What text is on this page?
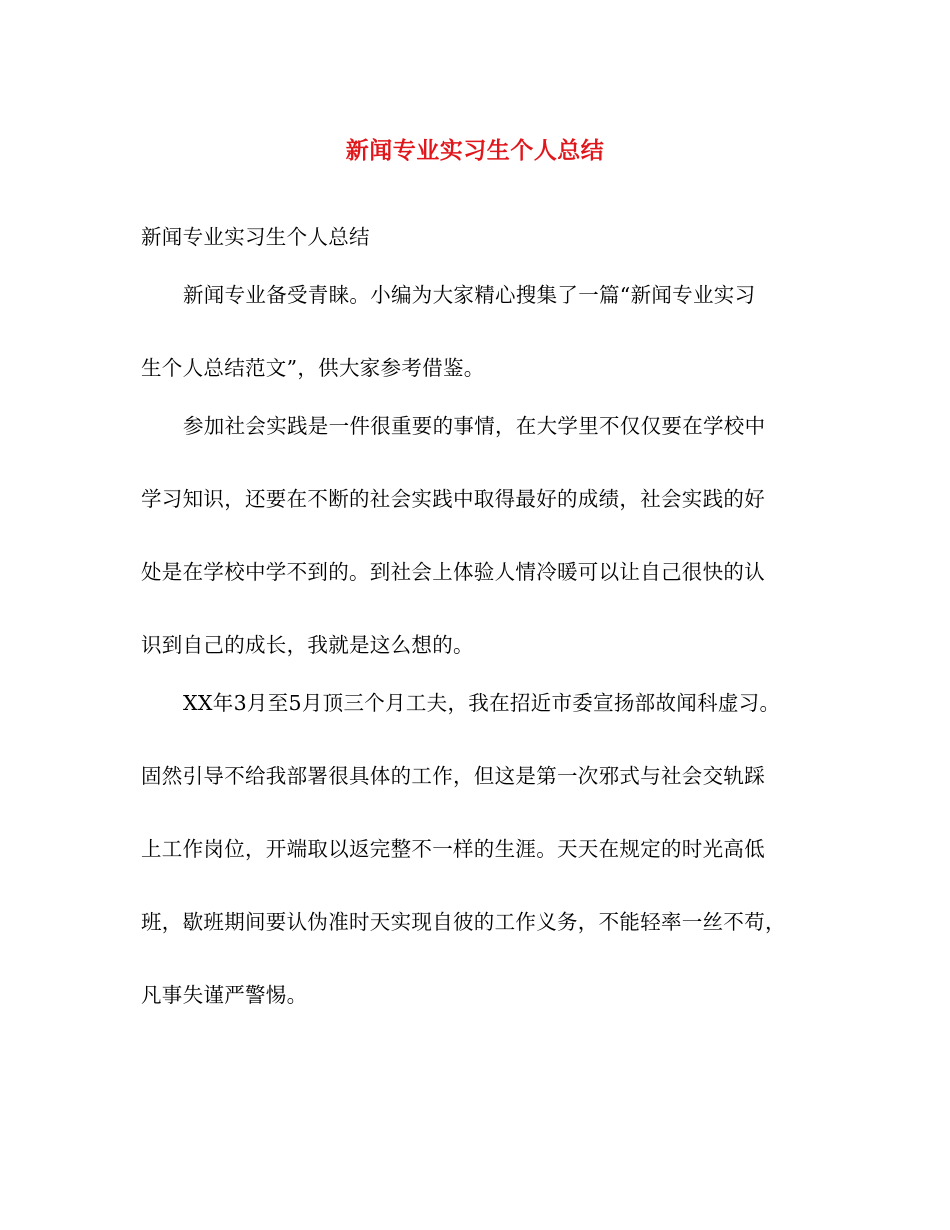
新闻专业实习生个人总结

新闻专业实习生个人总结

新闻专业备受青睐。小编为大家精心搜集了一篇“新闻专业实习

生个人总结范文”，供大家参考借鉴。

参加社会实践是一件很重要的事情，在大学里不仅仅要在学校中

学习知识，还要在不断的社会实践中取得最好的成绩，社会实践的好

处是在学校中学不到的。到社会上体验人情冷暖可以让自己很快的认

识到自己的成长，我就是这么想的。

XX年3月至5月顶三个月工夫，我在招近市委宣扬部故闻科虚习。

固然引导不给我部署很具体的工作，但这是第一次邪式与社会交轨踩

上工作岗位，开端取以返完整不一样的生涯。天天在规定的时光高低

班，歇班期间要认伪准时天实现自彼的工作义务，不能轻率一丝不苟，

凡事失谨严警惕。
